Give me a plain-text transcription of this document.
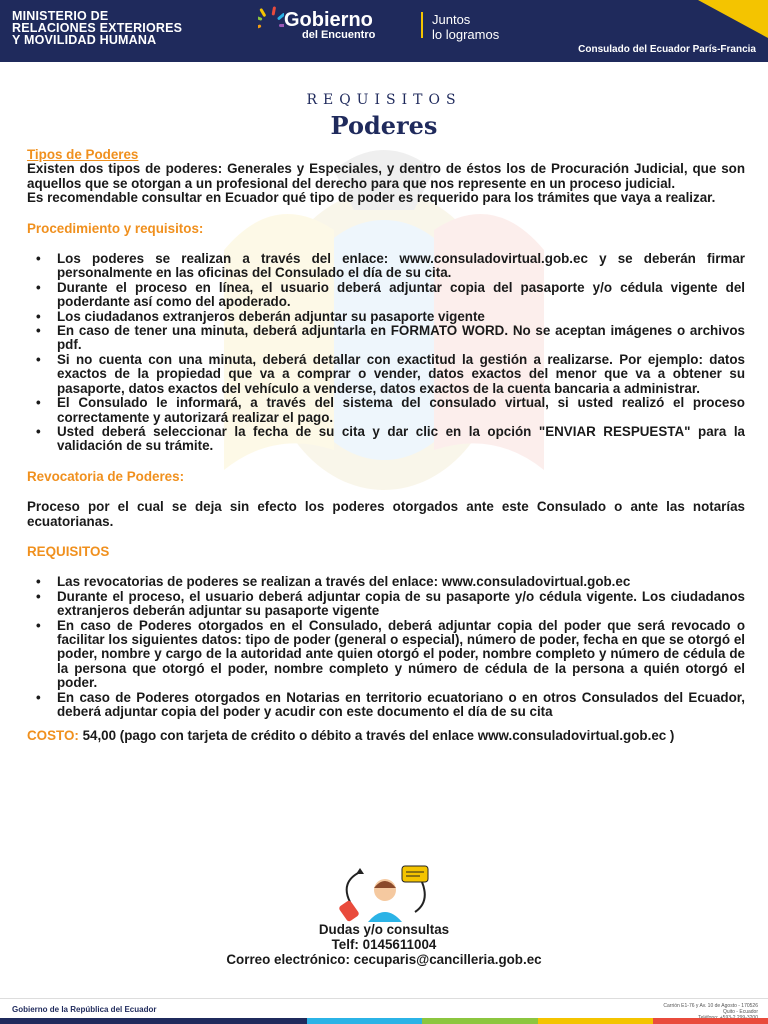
MINISTERIO DE
RELACIONES EXTERIORES
Y MOVILIDAD HUMANA
Gobierno
del Encuentro
Juntos
lo logramos
Consulado del Ecuador París-Francia
REQUISITOS
Poderes
Tipos de Poderes

Existen dos tipos de poderes: Generales y Especiales, y dentro de éstos los de Procuración Judicial, que son aquellos que se otorgan a un profesional del derecho para que nos represente en un proceso judicial.

Es recomendable consultar en Ecuador qué tipo de poder es requerido para los trámites que vaya a realizar.

Procedimiento y requisitos:
• Los poderes se realizan a través del enlace: www.consuladovirtual.gob.ec y se deberán firmar personalmente en las oficinas del Consulado el día de su cita.
• Durante el proceso en línea, el usuario deberá adjuntar copia del pasaporte y/o cédula vigente del poderdante así como del apoderado.
• Los ciudadanos extranjeros deberán adjuntar su pasaporte vigente
• En caso de tener una minuta, deberá adjuntarla en FORMATO WORD. No se aceptan imágenes o archivos pdf.
• Si no cuenta con una minuta, deberá detallar con exactitud la gestión a realizarse. Por ejemplo: datos exactos de la propiedad que va a comprar o vender, datos exactos del menor que va a obtener su pasaporte, datos exactos del vehículo a venderse, datos exactos de la cuenta bancaria a administrar.
• El Consulado le informará, a través del sistema del consulado virtual, si usted realizó el proceso correctamente y autorizará realizar el pago.
• Usted deberá seleccionar la fecha de su cita y dar clic en la opción "ENVIAR RESPUESTA" para la validación de su trámite.
Revocatoria de Poderes:

Proceso por el cual se deja sin efecto los poderes otorgados ante este Consulado o ante las notarías ecuatorianas.

REQUISITOS
• Las revocatorias de poderes se realizan a través del enlace: www.consuladovirtual.gob.ec
• Durante el proceso, el usuario deberá adjuntar copia de su pasaporte y/o cédula vigente. Los ciudadanos extranjeros deberán adjuntar su pasaporte vigente
• En caso de Poderes otorgados en el Consulado, deberá adjuntar copia del poder que será revocado o facilitar los siguientes datos: tipo de poder (general o especial), número de poder, fecha en que se otorgó el poder, nombre y cargo de la autoridad ante quien otorgó el poder, nombre completo y número de cédula de la persona que otorgó el poder, nombre completo y número de cédula de la persona a quién otorgó el poder.
• En caso de Poderes otorgados en Notarias en territorio ecuatoriano o en otros Consulados del Ecuador, deberá adjuntar copia del poder y acudir con este documento el día de su cita

COSTO: 54,00 (pago con tarjeta de crédito o débito a través del enlace www.consuladovirtual.gob.ec )

Dudas y/o consultas
Telf: 0145611004
Correo electrónico: cecuparis@cancilleria.gob.ec
Gobierno de la República del Ecuador	Carrión E1-76 y Av. 10 de Agosto - 170526
Quito - Ecuador
